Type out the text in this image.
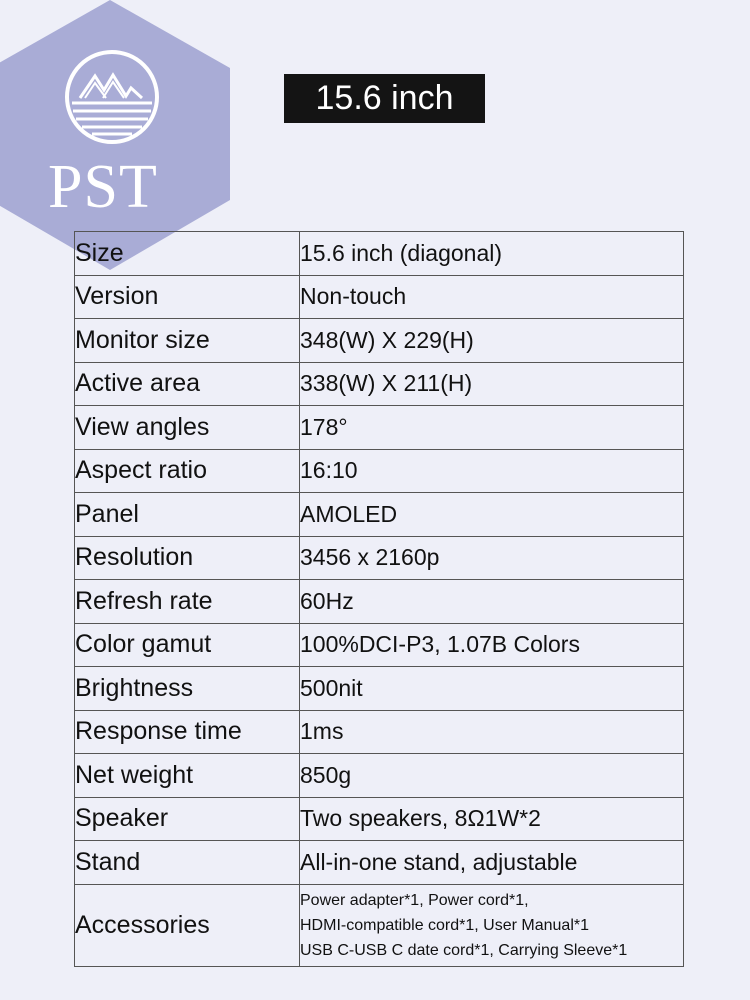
PST
15.6 inch
Size	15.6 inch (diagonal)
Version	Non-touch
Monitor size	348(W) X 229(H)
Active area	338(W) X 211(H)
View angles	178°
Aspect ratio	16:10
Panel	AMOLED
Resolution	3456 x 2160p
Refresh rate	60Hz
Color gamut	100%DCI-P3, 1.07B Colors
Brightness	500nit
Response time	1ms
Net weight	850g
Speaker	Two speakers, 8Ω1W*2
Stand	All-in-one stand, adjustable
Accessories	Power adapter*1, Power cord*1,
HDMI-compatible cord*1, User Manual*1
USB C-USB C date cord*1, Carrying Sleeve*1
